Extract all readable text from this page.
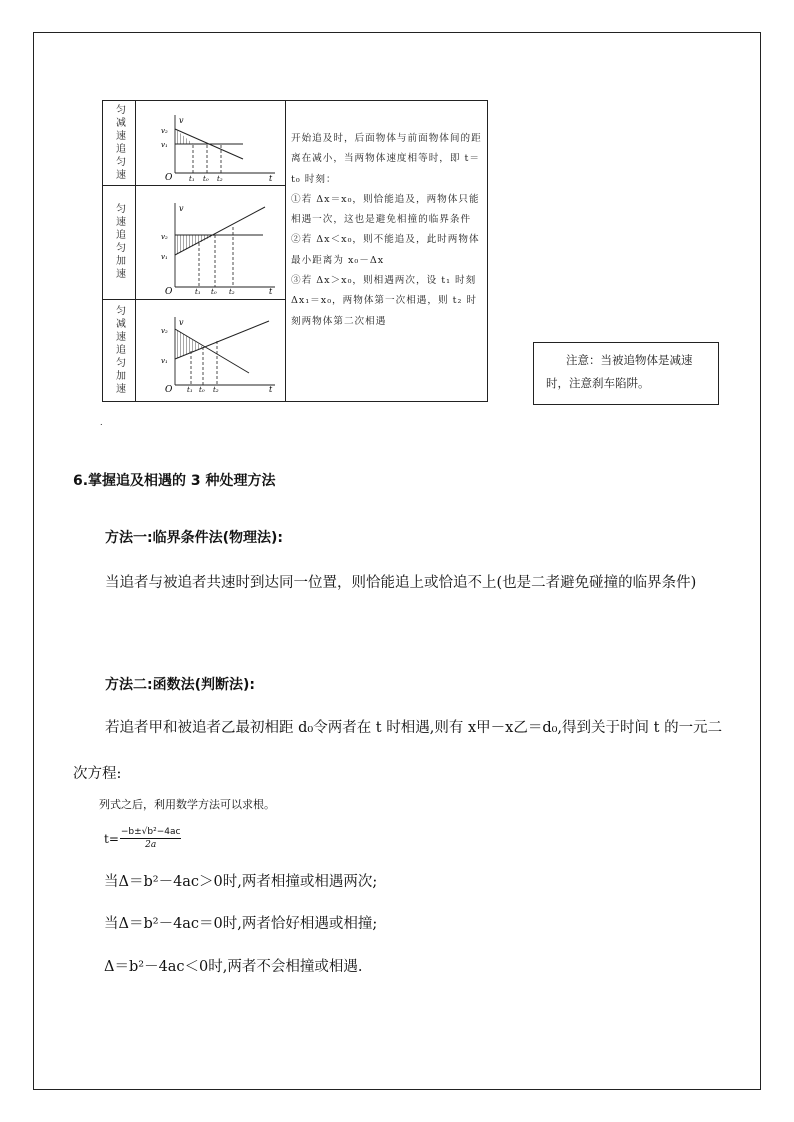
匀减速追匀速
匀速追匀加速
匀减速追匀加速
v
t
O
v₂
v₁
t₁ t₀ t₂
v
t
O
v₂
v₁
t₁ t₀ t₂
v
t
O
v₂
v₁
t₁ t₀ t₂

开始追及时，后面物体与前面物体间的距离在减小，当两物体速度相等时，即 t＝t₀ 时刻：

①若 Δx＝x₀，则恰能追及，两物体只能相遇一次，这也是避免相撞的临界条件

②若 Δx＜x₀，则不能追及，此时两物体最小距离为 x₀－Δx

③若 Δx＞x₀，则相遇两次，设 t₁ 时刻 Δx₁＝x₀，两物体第一次相遇，则 t₂ 时刻两物体第二次相遇

注意：当被追物体是减速时，注意刹车陷阱。

.
6.掌握追及相遇的 3 种处理方法
方法一:临界条件法(物理法):

当追者与被追者共速时到达同一位置，则恰能追上或恰追不上(也是二者避免碰撞的临界条件)

方法二:函数法(判断法):

若追者甲和被追者乙最初相距 d₀令两者在 t 时相遇,则有 x甲－x乙＝d₀,得到关于时间 t 的一元二次方程:

列式之后，利用数学方法可以求根。
$t= \frac{\text{−b±√b²−4ac}}{2a}$
当Δ＝b²－4ac＞0时,两者相撞或相遇两次;
当Δ＝b²－4ac＝0时,两者恰好相遇或相撞;
Δ＝b²－4ac＜0时,两者不会相撞或相遇.
